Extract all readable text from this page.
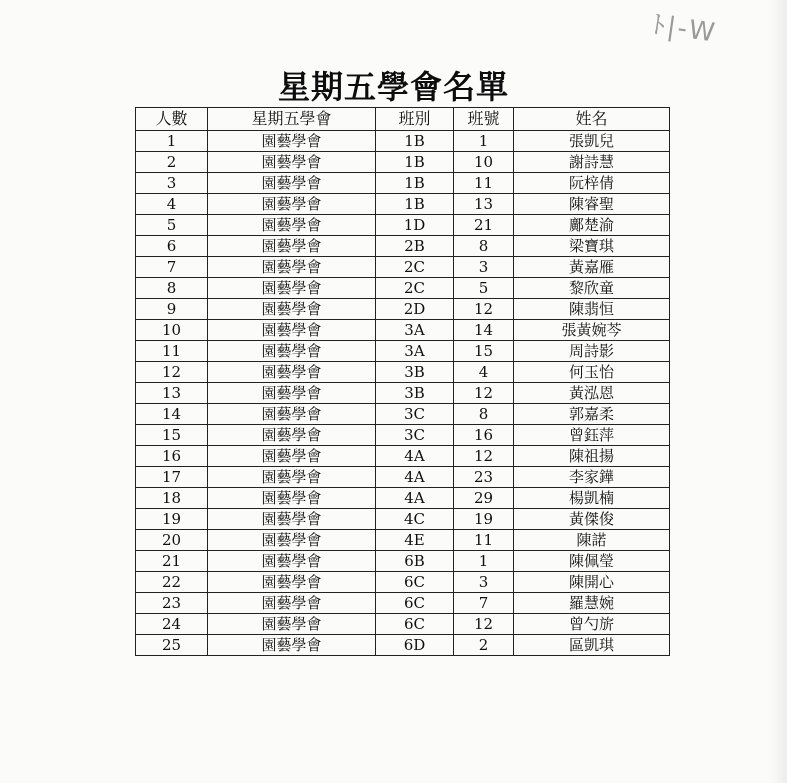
ﾄ|-W
星期五學會名單
人數	星期五學會	班別	班號	姓名
1	園藝學會	1B	1	張凱兒
2	園藝學會	1B	10	謝詩慧
3	園藝學會	1B	11	阮梓倩
4	園藝學會	1B	13	陳睿聖
5	園藝學會	1D	21	鄺楚渝
6	園藝學會	2B	8	梁寶琪
7	園藝學會	2C	3	黃嘉雁
8	園藝學會	2C	5	黎欣童
9	園藝學會	2D	12	陳翡恒
10	園藝學會	3A	14	張黃婉芩
11	園藝學會	3A	15	周詩影
12	園藝學會	3B	4	何玉怡
13	園藝學會	3B	12	黃泓恩
14	園藝學會	3C	8	郭嘉柔
15	園藝學會	3C	16	曾鈺萍
16	園藝學會	4A	12	陳祖揚
17	園藝學會	4A	23	李家鏵
18	園藝學會	4A	29	楊凱楠
19	園藝學會	4C	19	黃傑俊
20	園藝學會	4E	11	陳諾
21	園藝學會	6B	1	陳佩瑩
22	園藝學會	6C	3	陳開心
23	園藝學會	6C	7	羅慧婉
24	園藝學會	6C	12	曾勺旂
25	園藝學會	6D	2	區凱琪
